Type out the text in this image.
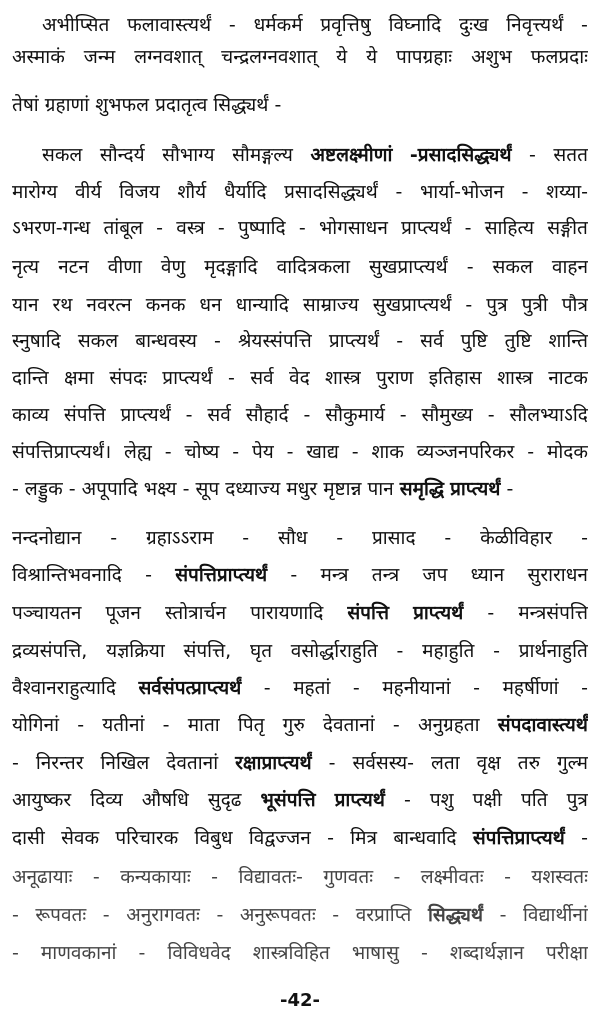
अभीप्सित फलावास्त्यर्थं - धर्मकर्म प्रवृत्तिषु विघ्नादि दुःख निवृत्त्यर्थं -
अस्माकं जन्म लग्नवशात् चन्द्रलग्नवशात् ये ये पापग्रहाः अशुभ फलप्रदाः
तेषां ग्रहाणां शुभफल प्रदातृत्व सिद्ध्यर्थं -
सकल सौन्दर्य सौभाग्य सौमङ्गल्य अष्टलक्ष्मीणां -प्रसादसिद्ध्यर्थं - सतत
मारोग्य वीर्य विजय शौर्य धैर्यादि प्रसादसिद्ध्यर्थं - भार्या-भोजन - शय्या-
ऽभरण-गन्ध तांबूल - वस्त्र - पुष्पादि - भोगसाधन प्राप्त्यर्थं - साहित्य सङ्गीत
नृत्य नटन वीणा वेणु मृदङ्गादि वादित्रकला सुखप्राप्त्यर्थं - सकल वाहन
यान रथ नवरत्न कनक धन धान्यादि साम्राज्य सुखप्राप्त्यर्थं - पुत्र पुत्री पौत्र
स्नुषादि सकल बान्धवस्य - श्रेयस्संपत्ति प्राप्त्यर्थं - सर्व पुष्टि तुष्टि शान्ति
दान्ति क्षमा संपदः प्राप्त्यर्थं - सर्व वेद शास्त्र पुराण इतिहास शास्त्र नाटक
काव्य संपत्ति प्राप्त्यर्थं - सर्व सौहार्द - सौकुमार्य - सौमुख्य - सौलभ्याऽदि
संपत्तिप्राप्त्यर्थं। लेह्य - चोष्य - पेय - खाद्य - शाक व्यञ्जनपरिकर - मोदक
- लड्डुक - अपूपादि भक्ष्य - सूप दध्याज्य मधुर मृष्टान्न पान समृद्धि प्राप्त्यर्थं -
नन्दनोद्यान - ग्रहाऽऽराम - सौध - प्रासाद - केळीविहार -
विश्रान्तिभवनादि - संपत्तिप्राप्त्यर्थं - मन्त्र तन्त्र जप ध्यान सुराराधन
पञ्चायतन पूजन स्तोत्रार्चन पारायणादि संपत्ति प्राप्त्यर्थं - मन्त्रसंपत्ति
द्रव्यसंपत्ति, यज्ञक्रिया संपत्ति, घृत वसोर्द्धाराहुति - महाहुति - प्रार्थनाहुति
वैश्वानराहुत्यादि सर्वसंपत्प्राप्त्यर्थं - महतां - महनीयानां - महर्षीणां -
योगिनां - यतीनां - माता पितृ गुरु देवतानां - अनुग्रहता संपदावास्त्यर्थं
- निरन्तर निखिल देवतानां रक्षाप्राप्त्यर्थं - सर्वसस्य- लता वृक्ष तरु गुल्म
आयुष्कर दिव्य औषधि सुदृढ भूसंपत्ति प्राप्त्यर्थं - पशु पक्षी पति पुत्र
दासी सेवक परिचारक विबुध विद्वज्जन - मित्र बान्धवादि संपत्तिप्राप्त्यर्थं -
अनूढायाः - कन्यकायाः - विद्यावतः- गुणवतः - लक्ष्मीवतः - यशस्वतः
- रूपवतः - अनुरागवतः - अनुरूपवतः - वरप्राप्ति सिद्ध्यर्थं - विद्यार्थीनां
- माणवकानां - विविधवेद शास्त्रविहित भाषासु - शब्दार्थज्ञान परीक्षा
-42-
